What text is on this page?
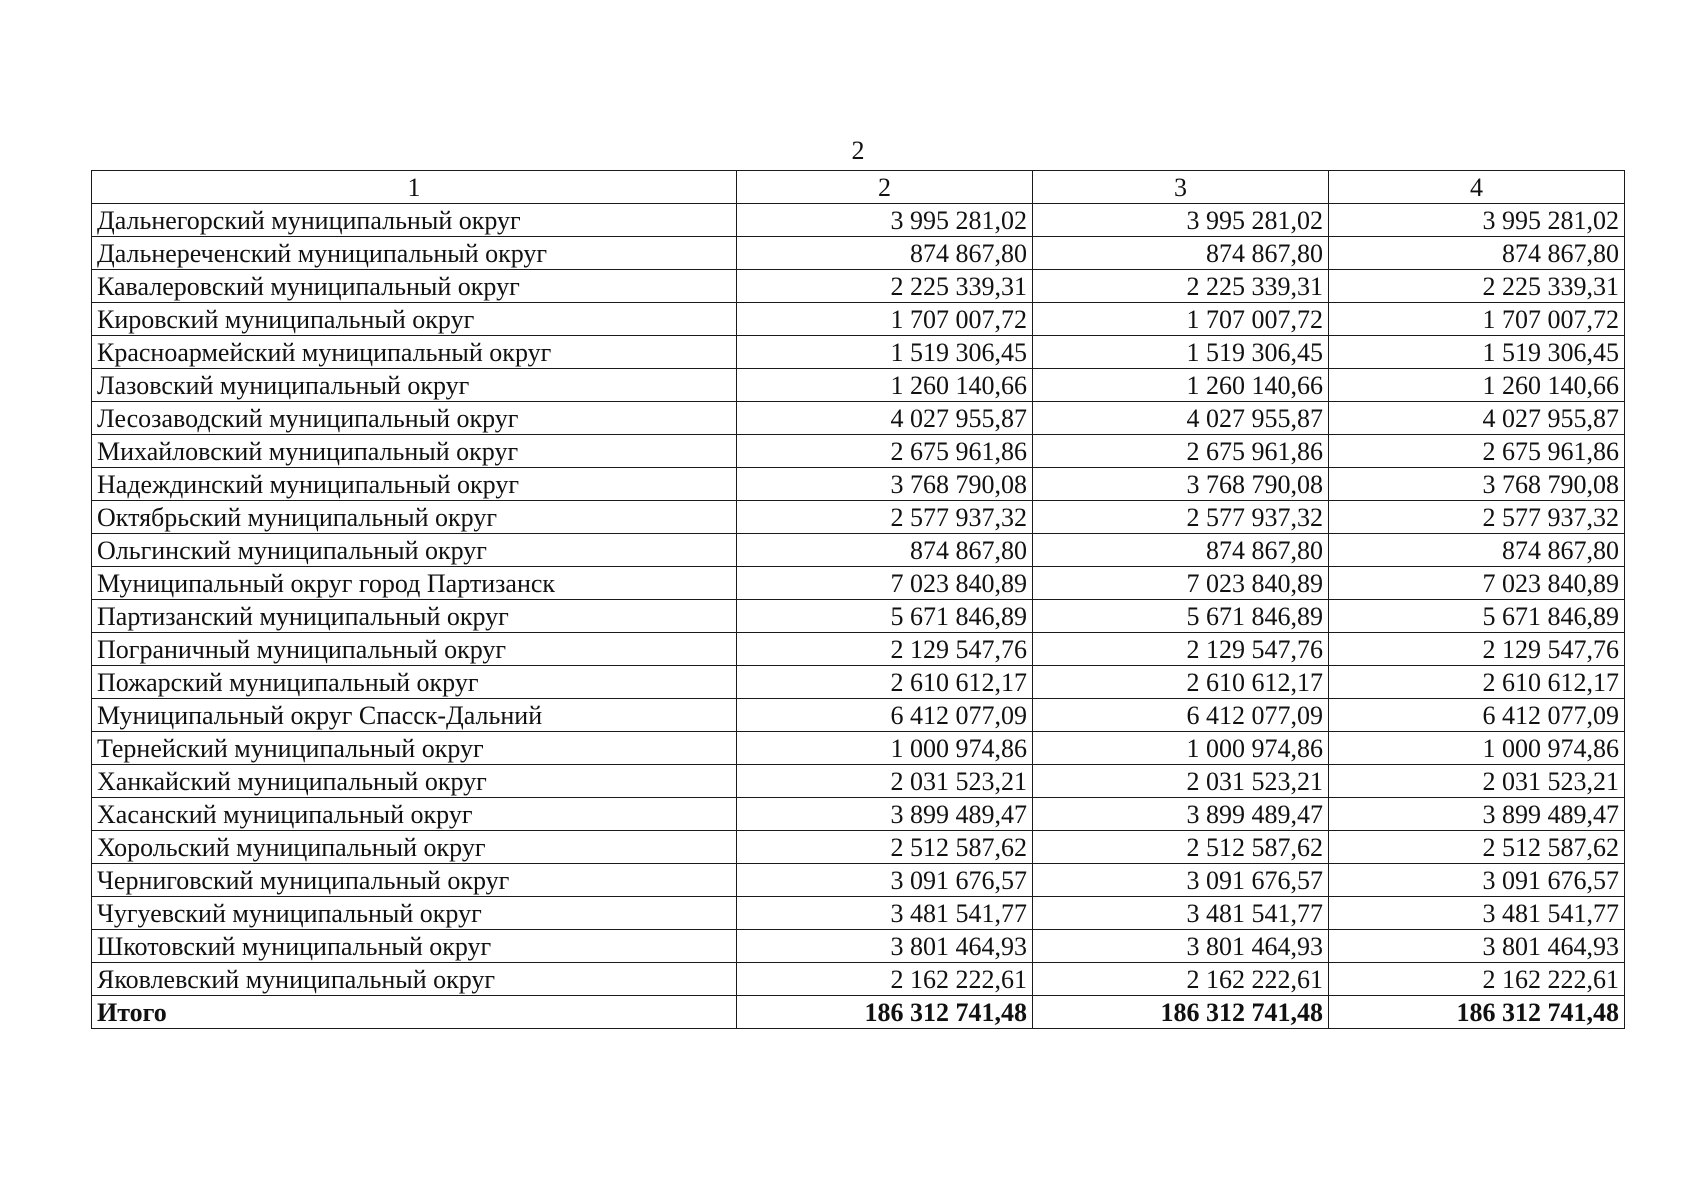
2
1	2	3	4
Дальнегорский муниципальный округ	3 995 281,02	3 995 281,02	3 995 281,02
Дальнереченский муниципальный округ	874 867,80	874 867,80	874 867,80
Кавалеровский муниципальный округ	2 225 339,31	2 225 339,31	2 225 339,31
Кировский муниципальный округ	1 707 007,72	1 707 007,72	1 707 007,72
Красноармейский муниципальный округ	1 519 306,45	1 519 306,45	1 519 306,45
Лазовский муниципальный округ	1 260 140,66	1 260 140,66	1 260 140,66
Лесозаводский муниципальный округ	4 027 955,87	4 027 955,87	4 027 955,87
Михайловский муниципальный округ	2 675 961,86	2 675 961,86	2 675 961,86
Надеждинский муниципальный округ	3 768 790,08	3 768 790,08	3 768 790,08
Октябрьский муниципальный округ	2 577 937,32	2 577 937,32	2 577 937,32
Ольгинский муниципальный округ	874 867,80	874 867,80	874 867,80
Муниципальный округ город Партизанск	7 023 840,89	7 023 840,89	7 023 840,89
Партизанский муниципальный округ	5 671 846,89	5 671 846,89	5 671 846,89
Пограничный муниципальный округ	2 129 547,76	2 129 547,76	2 129 547,76
Пожарский муниципальный округ	2 610 612,17	2 610 612,17	2 610 612,17
Муниципальный округ Спасск-Дальний	6 412 077,09	6 412 077,09	6 412 077,09
Тернейский муниципальный округ	1 000 974,86	1 000 974,86	1 000 974,86
Ханкайский муниципальный округ	2 031 523,21	2 031 523,21	2 031 523,21
Хасанский муниципальный округ	3 899 489,47	3 899 489,47	3 899 489,47
Хорольский муниципальный округ	2 512 587,62	2 512 587,62	2 512 587,62
Черниговский муниципальный округ	3 091 676,57	3 091 676,57	3 091 676,57
Чугуевский муниципальный округ	3 481 541,77	3 481 541,77	3 481 541,77
Шкотовский муниципальный округ	3 801 464,93	3 801 464,93	3 801 464,93
Яковлевский муниципальный округ	2 162 222,61	2 162 222,61	2 162 222,61
Итого	186 312 741,48	186 312 741,48	186 312 741,48
